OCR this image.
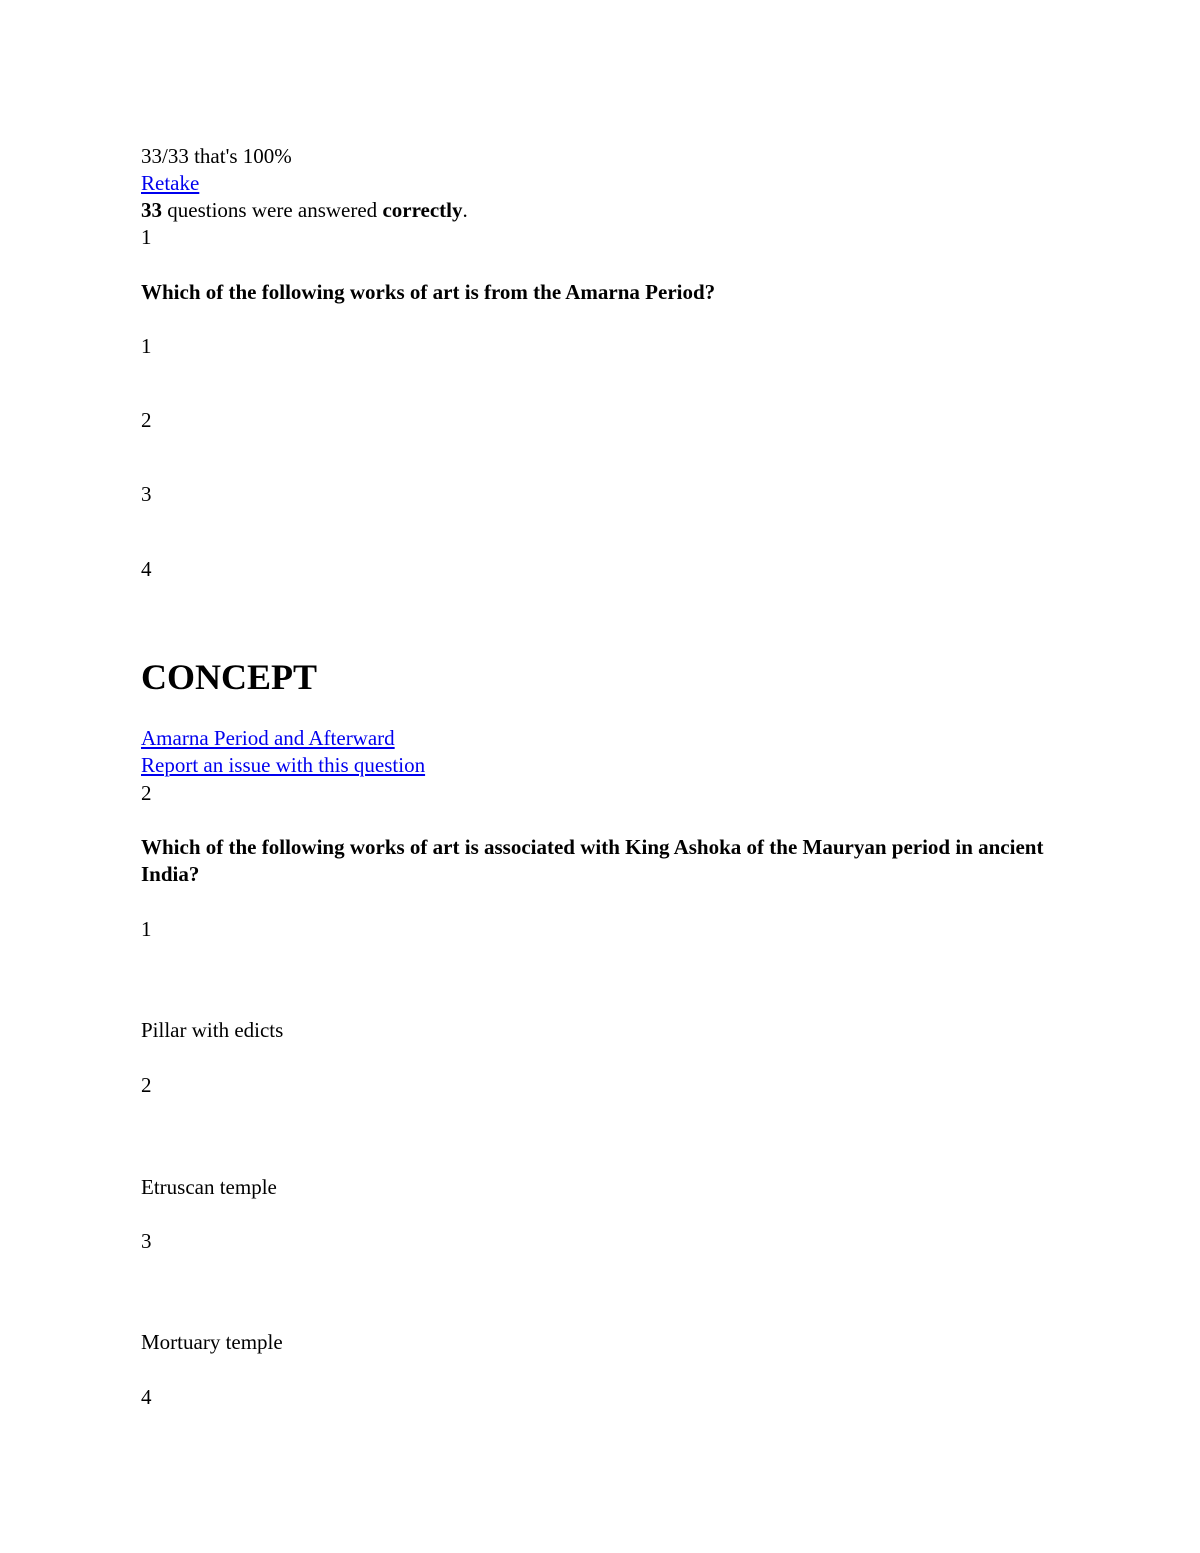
33/33 that's 100%
Retake
33 questions were answered correctly.
1
Which of the following works of art is from the Amarna Period?
1
2
3
4
CONCEPT
Amarna Period and Afterward
Report an issue with this question
2
Which of the following works of art is associated with King Ashoka of the Mauryan period in ancient India?
1
Pillar with edicts
2
Etruscan temple
3
Mortuary temple
4
